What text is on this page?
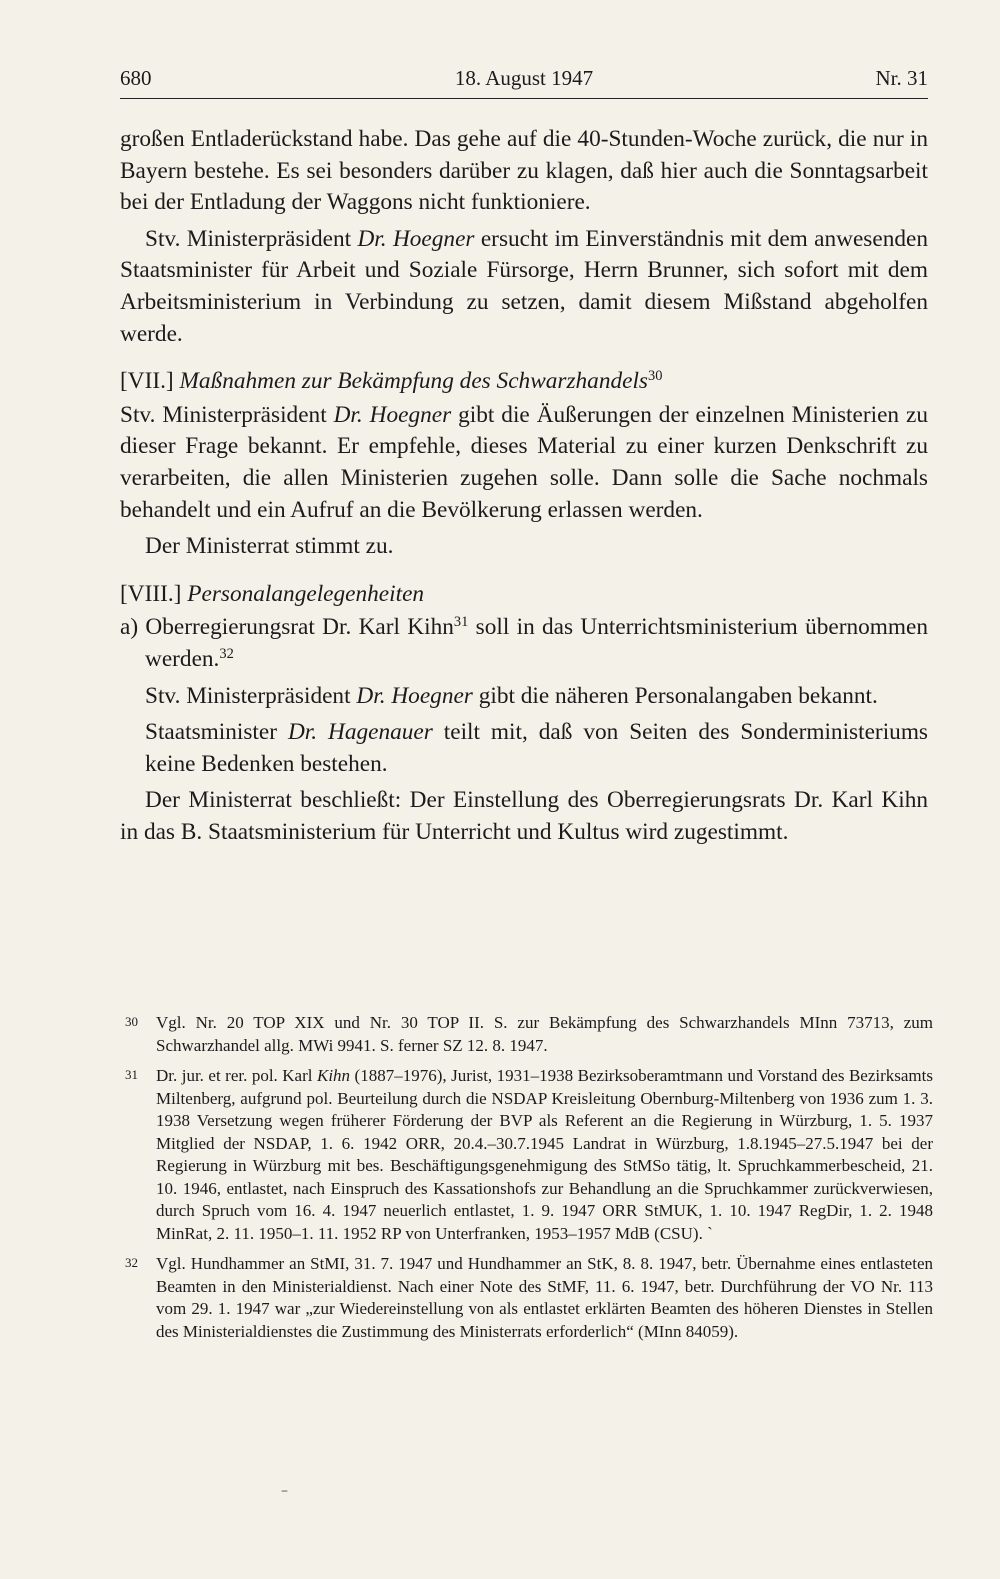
680	18. August 1947	Nr. 31

großen Entladerückstand habe. Das gehe auf die 40-Stunden-Woche zurück, die nur in Bayern bestehe. Es sei besonders darüber zu klagen, daß hier auch die Sonntagsarbeit bei der Entladung der Waggons nicht funktioniere.

Stv. Ministerpräsident Dr. Hoegner ersucht im Einverständnis mit dem anwesenden Staatsminister für Arbeit und Soziale Fürsorge, Herrn Brunner, sich sofort mit dem Arbeitsministerium in Verbindung zu setzen, damit diesem Mißstand abgeholfen werde.

[VII.] Maßnahmen zur Bekämpfung des Schwarzhandels$^{30}$

Stv. Ministerpräsident Dr. Hoegner gibt die Äußerungen der einzelnen Ministerien zu dieser Frage bekannt. Er empfehle, dieses Material zu einer kurzen Denkschrift zu verarbeiten, die allen Ministerien zugehen solle. Dann solle die Sache nochmals behandelt und ein Aufruf an die Bevölkerung erlassen werden.

Der Ministerrat stimmt zu.

[VIII.] Personalangelegenheiten

a) Oberregierungsrat Dr. Karl Kihn$^{31}$ soll in das Unterrichtsministerium übernommen werden.$^{32}$

Stv. Ministerpräsident Dr. Hoegner gibt die näheren Personalangaben bekannt.

Staatsminister Dr. Hagenauer teilt mit, daß von Seiten des Sonderministeriums keine Bedenken bestehen.

Der Ministerrat beschließt: Der Einstellung des Oberregierungsrats Dr. Karl Kihn in das B. Staatsministerium für Unterricht und Kultus wird zugestimmt.

30 Vgl. Nr. 20 TOP XIX und Nr. 30 TOP II. S. zur Bekämpfung des Schwarzhandels MInn 73713, zum Schwarzhandel allg. MWi 9941. S. ferner SZ 12. 8. 1947.
31 Dr. jur. et rer. pol. Karl Kihn (1887–1976), Jurist, 1931–1938 Bezirksoberamtmann und Vorstand des Bezirksamts Miltenberg, aufgrund pol. Beurteilung durch die NSDAP Kreisleitung Obernburg-Miltenberg von 1936 zum 1. 3. 1938 Versetzung wegen früherer Förderung der BVP als Referent an die Regierung in Würzburg, 1. 5. 1937 Mitglied der NSDAP, 1. 6. 1942 ORR, 20.4.–30.7.1945 Landrat in Würzburg, 1.8.1945–27.5.1947 bei der Regierung in Würzburg mit bes. Beschäftigungsgenehmigung des StMSo tätig, lt. Spruchkammerbescheid, 21. 10. 1946, entlastet, nach Einspruch des Kassationshofs zur Behandlung an die Spruchkammer zurückverwiesen, durch Spruch vom 16. 4. 1947 neuerlich entlastet, 1. 9. 1947 ORR StMUK, 1. 10. 1947 RegDir, 1. 2. 1948 MinRat, 2. 11. 1950–1. 11. 1952 RP von Unterfranken, 1953–1957 MdB (CSU). `
32 Vgl. Hundhammer an StMI, 31. 7. 1947 und Hundhammer an StK, 8. 8. 1947, betr. Übernahme eines entlasteten Beamten in den Ministerialdienst. Nach einer Note des StMF, 11. 6. 1947, betr. Durchführung der VO Nr. 113 vom 29. 1. 1947 war „zur Wiedereinstellung von als entlastet erklärten Beamten des höheren Dienstes in Stellen des Ministerialdienstes die Zustimmung des Ministerrats erforderlich“ (MInn 84059).
–
